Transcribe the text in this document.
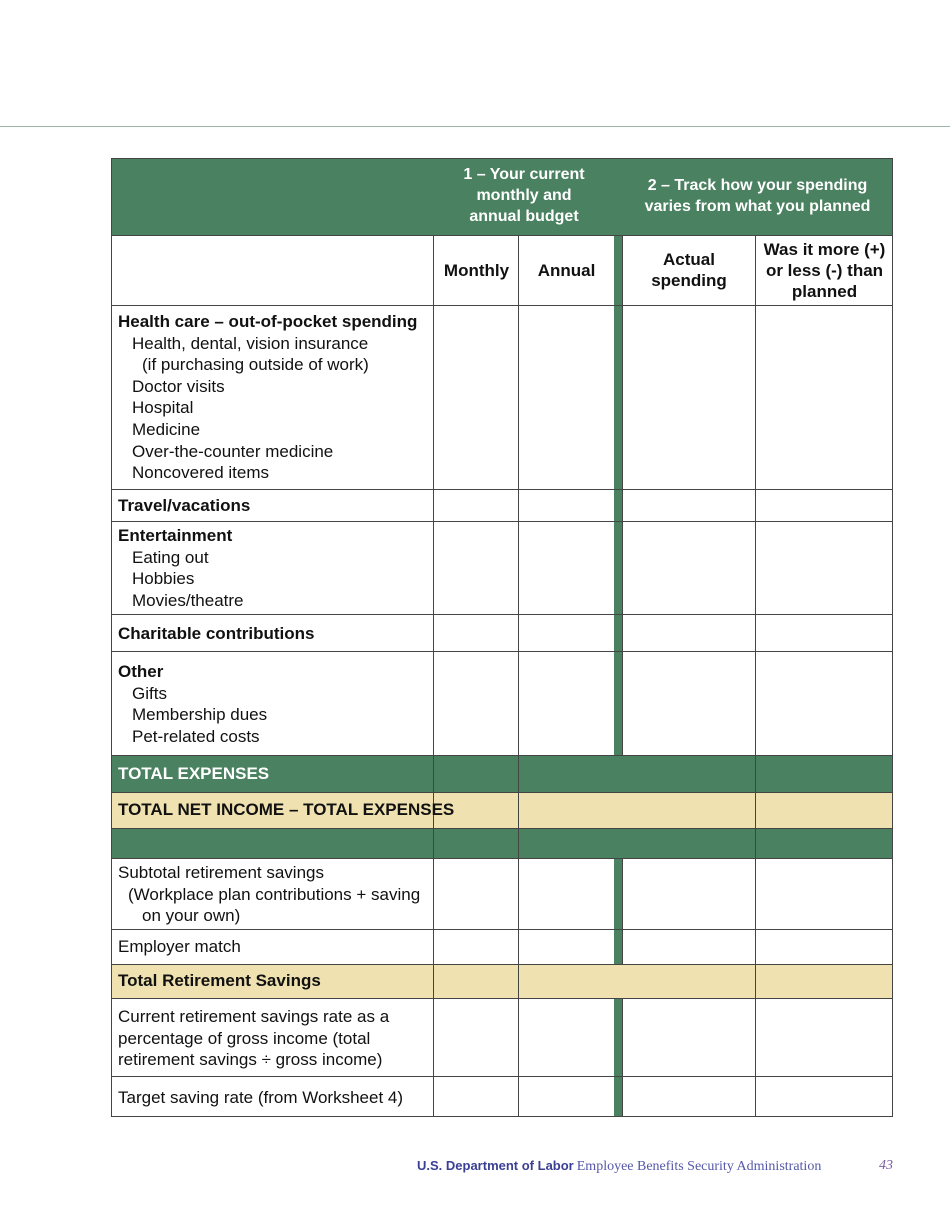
1 – Your current
monthly and
annual budget
2 – Track how your spending
varies from what you planned
Monthly Annual
Actual
spending
Was it more (+)
or less (-) than
planned
Health care – out-of-pocket spending
Health, dental, vision insurance
(if purchasing outside of work)
Doctor visits
Hospital
Medicine
Over-the-counter medicine
Noncovered items
Travel/vacations
Entertainment
Eating out
Hobbies
Movies/theatre
Charitable contributions
Other
Gifts
Membership dues
Pet-related costs
TOTAL EXPENSES
TOTAL NET INCOME – TOTAL EXPENSES
Subtotal retirement savings
(Workplace plan contributions + saving
on your own)
Employer match
Total Retirement Savings
Current retirement savings rate as a
percentage of gross income (total
retirement savings ÷ gross income)
Target saving rate (from Worksheet 4)
U.S. Department of Labor Employee Benefits Security Administration	43
